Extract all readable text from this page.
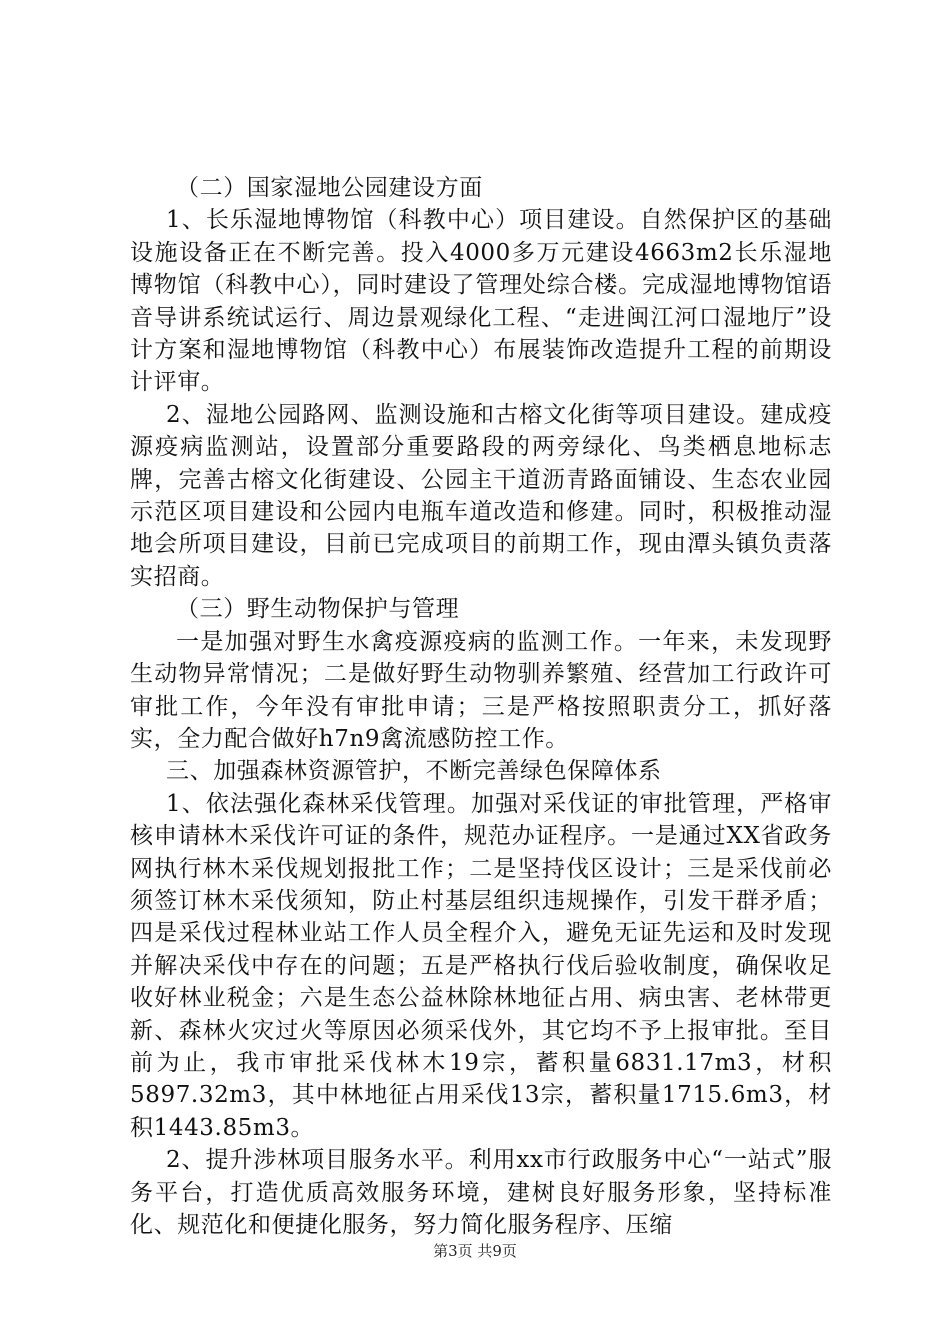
（二）国家湿地公园建设方面

1、长乐湿地博物馆（科教中心）项目建设。自然保护区的基础设施设备正在不断完善。投入4000多万元建设4663m2长乐湿地博物馆（科教中心），同时建设了管理处综合楼。完成湿地博物馆语音导讲系统试运行、周边景观绿化工程、“走进闽江河口湿地厅”设计方案和湿地博物馆（科教中心）布展装饰改造提升工程的前期设计评审。

2、湿地公园路网、监测设施和古榕文化街等项目建设。建成疫源疫病监测站，设置部分重要路段的两旁绿化、鸟类栖息地标志牌，完善古榕文化街建设、公园主干道沥青路面铺设、生态农业园示范区项目建设和公园内电瓶车道改造和修建。同时，积极推动湿地会所项目建设，目前已完成项目的前期工作，现由潭头镇负责落实招商。

（三）野生动物保护与管理

一是加强对野生水禽疫源疫病的监测工作。一年来，未发现野生动物异常情况；二是做好野生动物驯养繁殖、经营加工行政许可审批工作，今年没有审批申请；三是严格按照职责分工，抓好落实，全力配合做好h7n9禽流感防控工作。

三、加强森林资源管护，不断完善绿色保障体系

1、依法强化森林采伐管理。加强对采伐证的审批管理，严格审核申请林木采伐许可证的条件，规范办证程序。一是通过XX省政务网执行林木采伐规划报批工作；二是坚持伐区设计；三是采伐前必须签订林木采伐须知，防止村基层组织违规操作，引发干群矛盾；四是采伐过程林业站工作人员全程介入，避免无证先运和及时发现并解决采伐中存在的问题；五是严格执行伐后验收制度，确保收足收好林业税金；六是生态公益林除林地征占用、病虫害、老林带更新、森林火灾过火等原因必须采伐外，其它均不予上报审批。至目前为止，我市审批采伐林木19宗，蓄积量6831.17m3，材积5897.32m3，其中林地征占用采伐13宗，蓄积量1715.6m3，材积1443.85m3。

2、提升涉林项目服务水平。利用xx市行政服务中心“一站式”服务平台，打造优质高效服务环境，建树良好服务形象，坚持标准化、规范化和便捷化服务，努力简化服务程序、压缩

第3页 共9页
